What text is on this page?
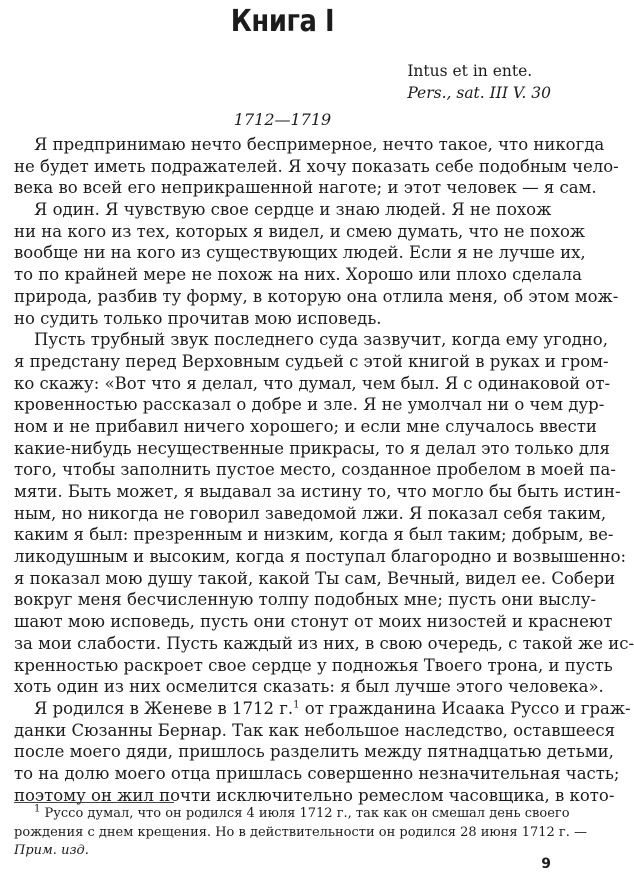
Книга I
Intus et in ente.
Pers., sat. III V. 30
1712—1719
Я предпринимаю нечто беспримерное, нечто такое, что никогда
не будет иметь подражателей. Я хочу показать себе подобным чело-
века во всей его неприкрашенной наготе; и этот человек — я сам.
Я один. Я чувствую свое сердце и знаю людей. Я не похож
ни на кого из тех, которых я видел, и смею думать, что не похож
вообще ни на кого из существующих людей. Если я не лучше их,
то по крайней мере не похож на них. Хорошо или плохо сделала
природа, разбив ту форму, в которую она отлила меня, об этом мож-
но судить только прочитав мою исповедь.
Пусть трубный звук последнего суда зазвучит, когда ему угодно,
я предстану перед Верховным судьей с этой книгой в руках и гром-
ко скажу: «Вот что я делал, что думал, чем был. Я с одинаковой от-
кровенностью рассказал о добре и зле. Я не умолчал ни о чем дур-
ном и не прибавил ничего хорошего; и если мне случалось ввести
какие-нибудь несущественные прикрасы, то я делал это только для
того, чтобы заполнить пустое место, созданное пробелом в моей па-
мяти. Быть может, я выдавал за истину то, что могло бы быть истин-
ным, но никогда не говорил заведомой лжи. Я показал себя таким,
каким я был: презренным и низким, когда я был таким; добрым, ве-
ликодушным и высоким, когда я поступал благородно и возвышенно:
я показал мою душу такой, какой Ты сам, Вечный, видел ее. Собери
вокруг меня бесчисленную толпу подобных мне; пусть они выслу-
шают мою исповедь, пусть они стонут от моих низостей и краснеют
за мои слабости. Пусть каждый из них, в свою очередь, с такой же ис-
кренностью раскроет свое сердце у подножья Твоего трона, и пусть
хоть один из них осмелится сказать: я был лучше этого человека».
Я родился в Женеве в 1712 г.$^1$ от гражданина Исаака Руссо и граж-
данки Сюзанны Бернар. Так как небольшое наследство, оставшееся
после моего дяди, пришлось разделить между пятнадцатью детьми,
то на долю моего отца пришлась совершенно незначительная часть;
поэтому он жил почти исключительно ремеслом часовщика, в кото-
$^1$ Руссо думал, что он родился 4 июля 1712 г., так как он смешал день своего
рождения с днем крещения. Но в действительности он родился 28 июня 1712 г. —
Прим. изд.
9
